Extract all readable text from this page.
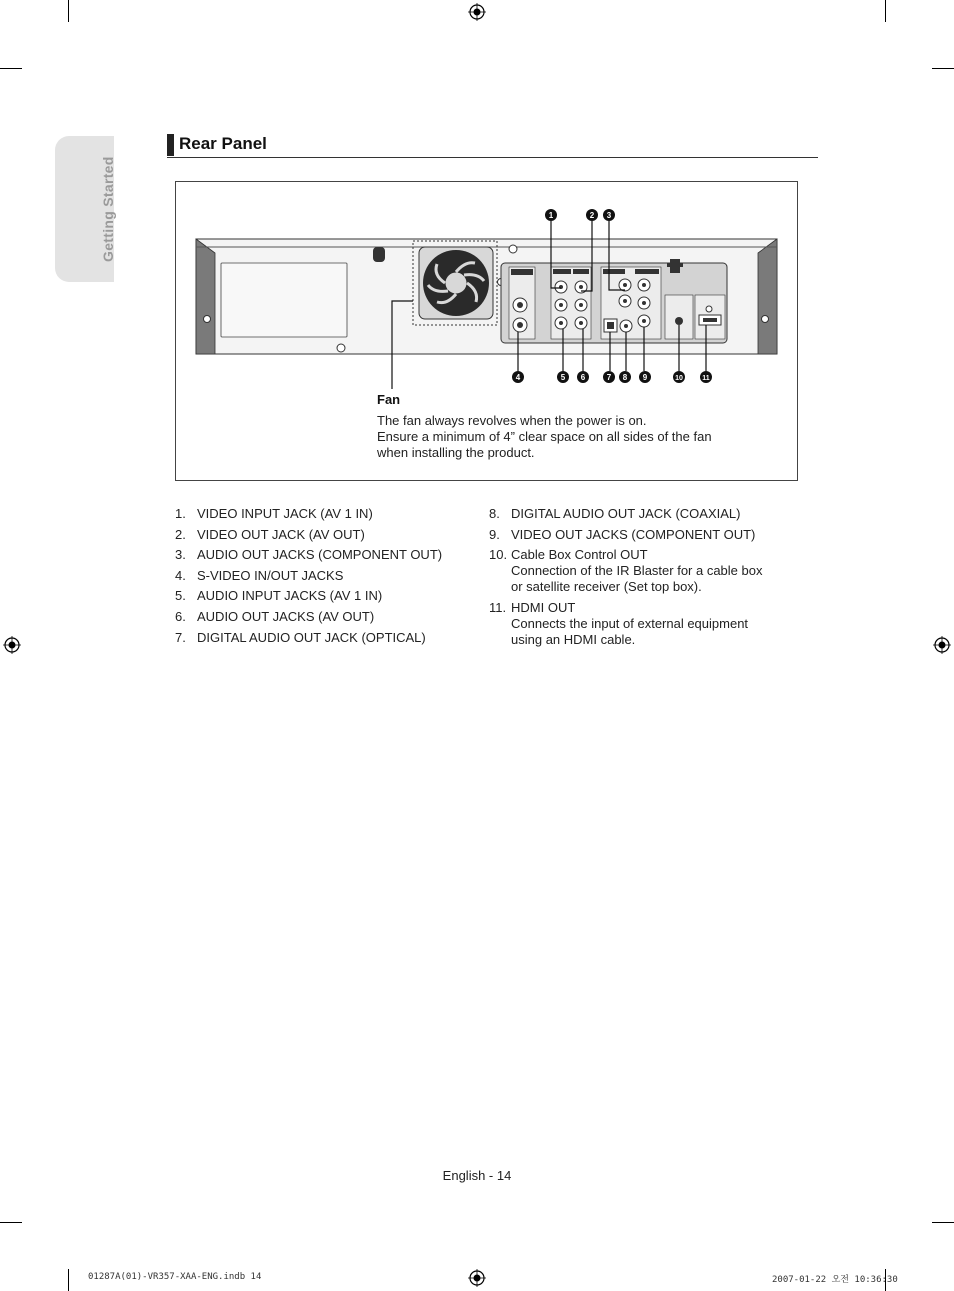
Getting Started
Rear Panel
1	2 3
4	5 6	7 8 9	10	11
Fan
The fan always revolves when the power is on.
Ensure a minimum of 4” clear space on all sides of the fan
when installing the product.
1. VIDEO INPUT JACK (AV 1 IN)
2. VIDEO OUT JACK (AV OUT)
3. AUDIO OUT JACKS (COMPONENT OUT)
4. S-VIDEO IN/OUT JACKS
5. AUDIO INPUT JACKS (AV 1 IN)
6. AUDIO OUT JACKS (AV OUT)
7. DIGITAL AUDIO OUT JACK (OPTICAL)
8. DIGITAL AUDIO OUT JACK (COAXIAL)
9. VIDEO OUT JACKS (COMPONENT OUT)
10. Cable Box Control OUT
Connection of the IR Blaster for a cable box
or satellite receiver (Set top box).
11. HDMI OUT
Connects the input of external equipment
using an HDMI cable.
English - 14
01287A(01)-VR357-XAA-ENG.indb 14	2007-01-22 오전 10:36:30
